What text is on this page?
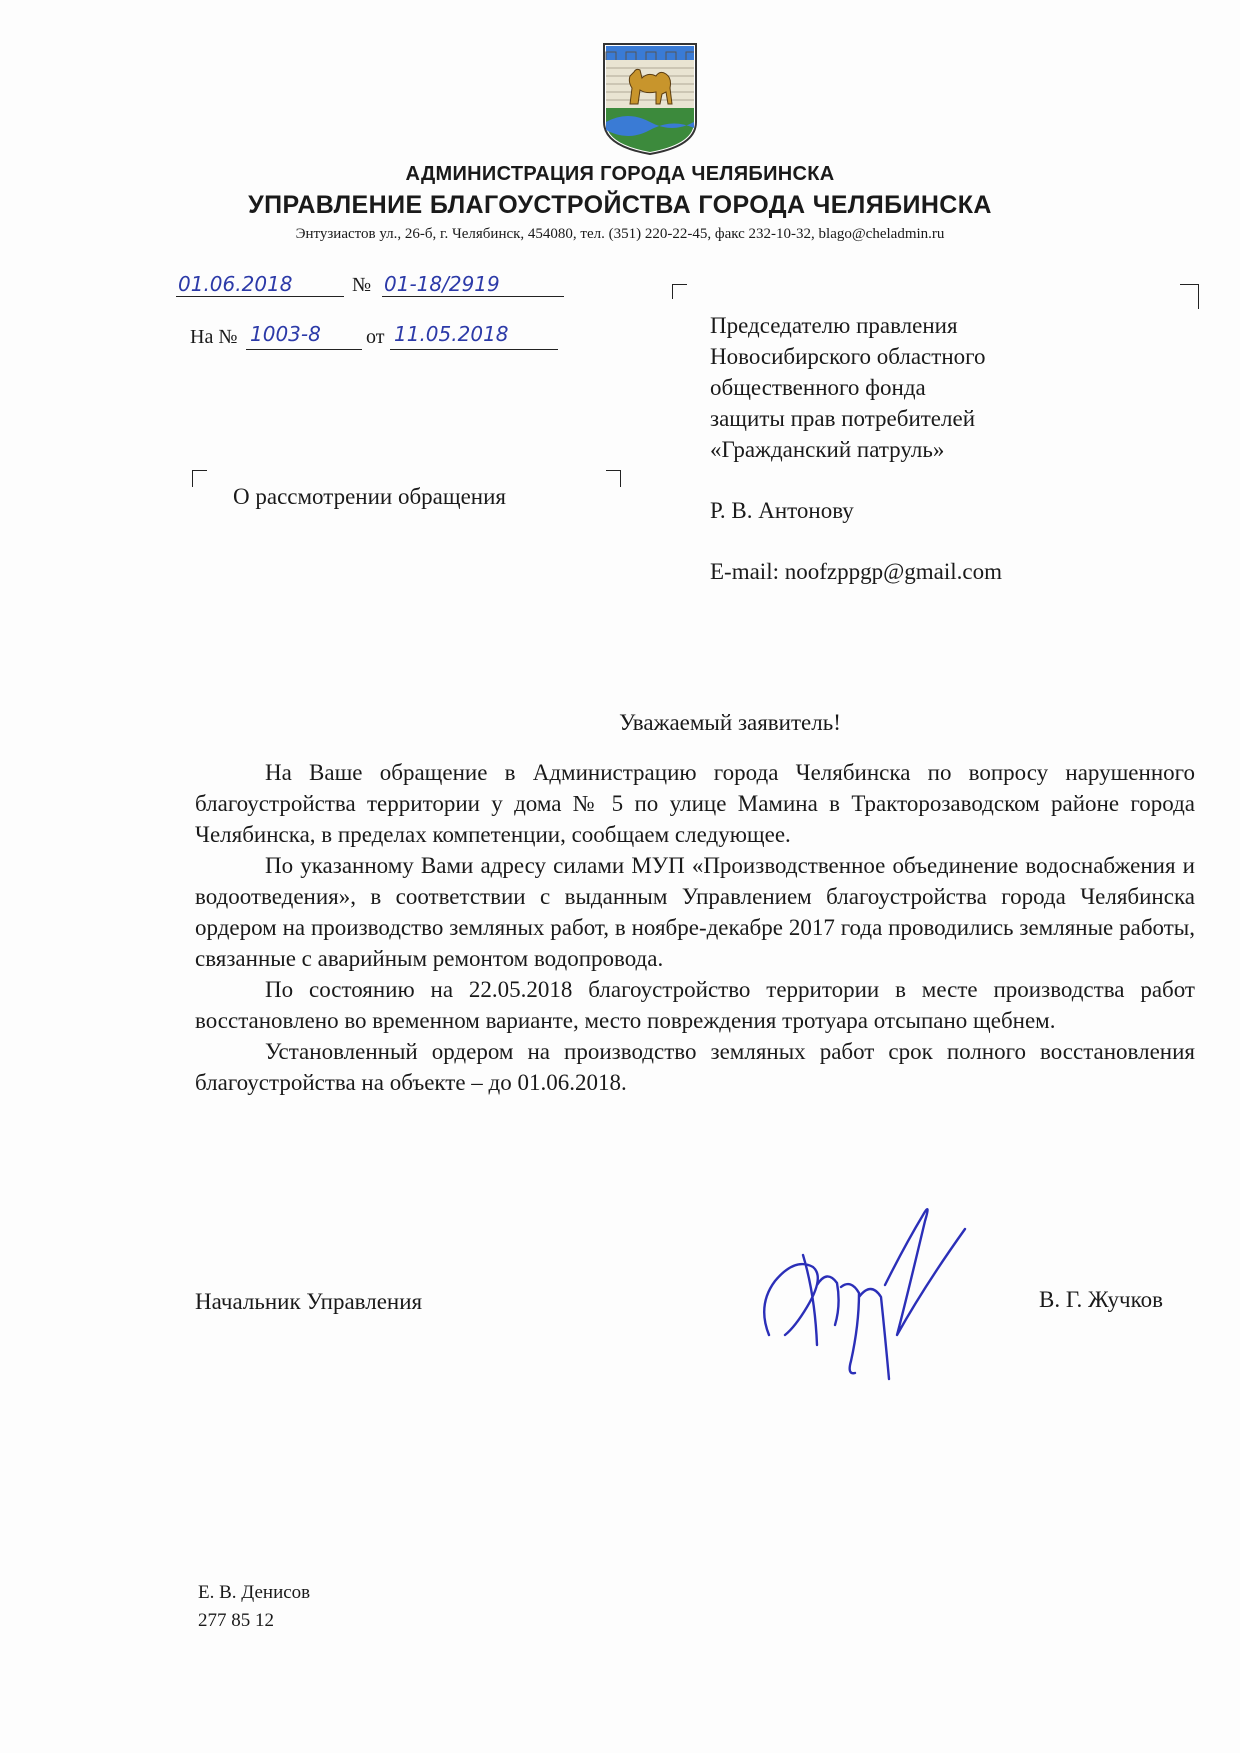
АДМИНИСТРАЦИЯ ГОРОДА ЧЕЛЯБИНСКА
УПРАВЛЕНИЕ БЛАГОУСТРОЙСТВА ГОРОДА ЧЕЛЯБИНСКА
Энтузиастов ул., 26-б, г. Челябинск, 454080, тел. (351) 220-22-45, факс 232-10-32, blago@cheladmin.ru
01.06.2018	№ 01-18/2919
На № 1003-8 от 11.05.2018	Председателю правления
Новосибирского областного
общественного фонда
защиты прав потребителей
«Гражданский патруль»
Р. В. Антонову
E-mail: noofzppgp@gmail.com
О рассмотрении обращения
Уважаемый заявитель!

На Ваше обращение в Администрацию города Челябинска по вопросу нарушенного благоустройства территории у дома № 5 по улице Мамина в Тракторозаводском районе города Челябинска, в пределах компетенции, сообщаем следующее.

По указанному Вами адресу силами МУП «Производственное объединение водоснабжения и водоотведения», в соответствии с выданным Управлением благоустройства города Челябинска ордером на производство земляных работ, в ноябре-декабре 2017 года проводились земляные работы, связанные с аварийным ремонтом водопровода.

По состоянию на 22.05.2018 благоустройство территории в месте производства работ восстановлено во временном варианте, место повреждения тротуара отсыпано щебнем.

Установленный ордером на производство земляных работ срок полного восстановления благоустройства на объекте – до 01.06.2018.

Начальник Управления	В. Г. Жучков
Е. В. Денисов
277 85 12
